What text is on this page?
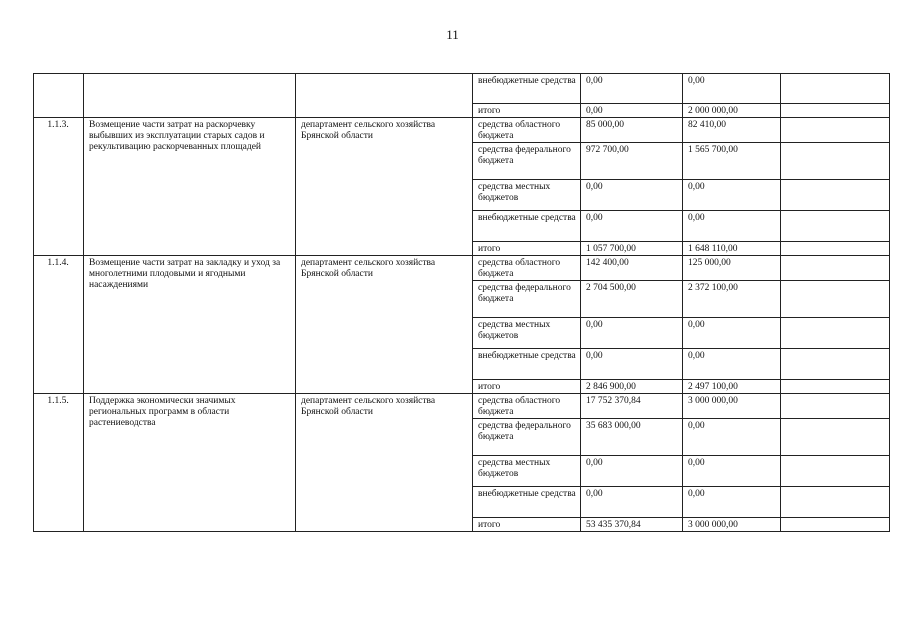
11
			внебюджетные средства	0,00	0,00	
			итого	0,00	2 000 000,00	
1.1.3.	Возмещение части затрат на раскорчевку выбывших из эксплуатации старых садов и рекультивацию раскорчеванных площадей	департамент сельского хозяйства Брянской области	средства областного бюджета	85 000,00	82 410,00	
			средства федерального бюджета	972 700,00	1 565 700,00	
			средства местных бюджетов	0,00	0,00	
			внебюджетные средства	0,00	0,00	
			итого	1 057 700,00	1 648 110,00	
1.1.4.	Возмещение части затрат на закладку и уход за многолетними плодовыми и ягодными насаждениями	департамент сельского хозяйства Брянской области	средства областного бюджета	142 400,00	125 000,00	
			средства федерального бюджета	2 704 500,00	2 372 100,00	
			средства местных бюджетов	0,00	0,00	
			внебюджетные средства	0,00	0,00	
			итого	2 846 900,00	2 497 100,00	
1.1.5.	Поддержка экономически значимых региональных программ в области растениеводства	департамент сельского хозяйства Брянской области	средства областного бюджета	17 752 370,84	3 000 000,00	
			средства федерального бюджета	35 683 000,00	0,00	
			средства местных бюджетов	0,00	0,00	
			внебюджетные средства	0,00	0,00	
			итого	53 435 370,84	3 000 000,00	
